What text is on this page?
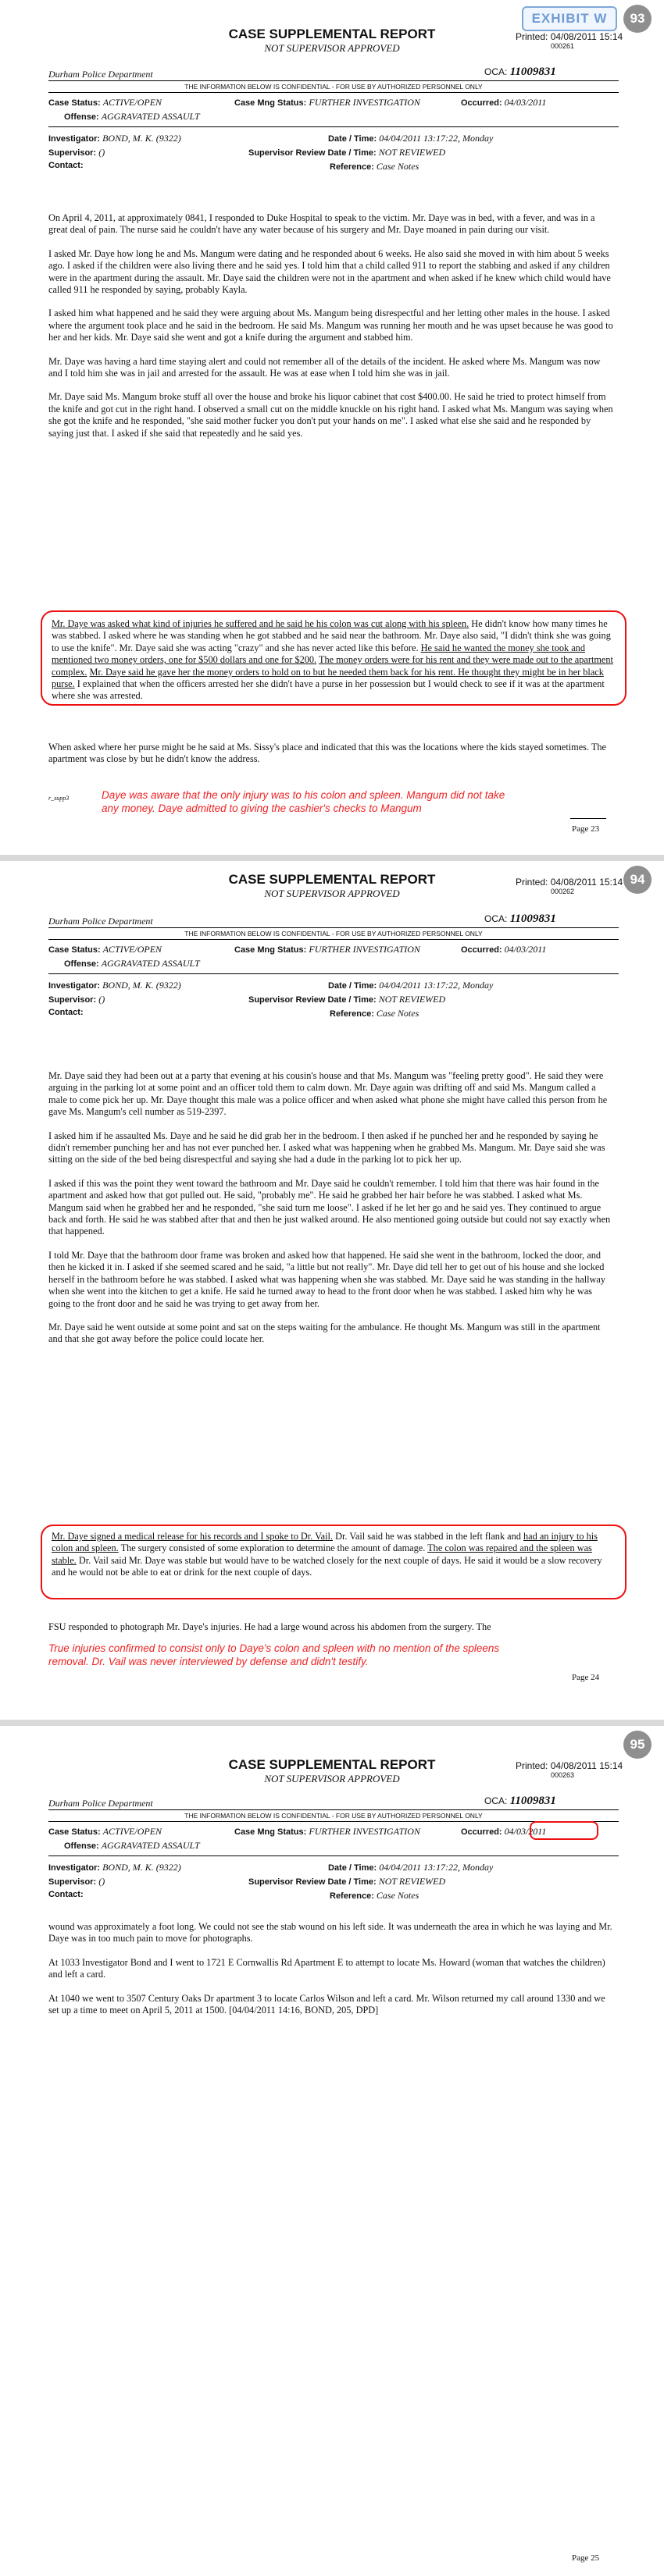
EXHIBIT W	93
Printed: 04/08/2011 15:14
000261
CASE SUPPLEMENTAL REPORT
NOT SUPERVISOR APPROVED
Durham Police Department	OCA: 11009831
THE INFORMATION BELOW IS CONFIDENTIAL - FOR USE BY AUTHORIZED PERSONNEL ONLY
Case Status: ACTIVE/OPEN
Offense: AGGRAVATED ASSAULT
Case Mng Status: FURTHER INVESTIGATION	Occurred: 04/03/2011
Investigator: BOND, M. K. (9322)
Supervisor: ()
Contact:
Date / Time: 04/04/2011 13:17:22, Monday
Supervisor Review Date / Time: NOT REVIEWED
Reference: Case Notes

On April 4, 2011, at approximately 0841, I responded to Duke Hospital to speak to the victim. Mr. Daye was in bed, with a fever, and was in a great deal of pain. The nurse said he couldn't have any water because of his surgery and Mr. Daye moaned in pain during our visit.

I asked Mr. Daye how long he and Ms. Mangum were dating and he responded about 6 weeks. He also said she moved in with him about 5 weeks ago. I asked if the children were also living there and he said yes. I told him that a child called 911 to report the stabbing and asked if any children were in the apartment during the assault. Mr. Daye said the children were not in the apartment and when asked if he knew which child would have called 911 he responded by saying, probably Kayla.

I asked him what happened and he said they were arguing about Ms. Mangum being disrespectful and her letting other males in the house. I asked where the argument took place and he said in the bedroom. He said Ms. Mangum was running her mouth and he was upset because he was good to her and her kids. Mr. Daye said she went and got a knife during the argument and stabbed him.

Mr. Daye was having a hard time staying alert and could not remember all of the details of the incident. He asked where Ms. Mangum was now and I told him she was in jail and arrested for the assault. He was at ease when I told him she was in jail.

Mr. Daye said Ms. Mangum broke stuff all over the house and broke his liquor cabinet that cost $400.00. He said he tried to protect himself from the knife and got cut in the right hand. I observed a small cut on the middle knuckle on his right hand. I asked what Ms. Mangum was saying when she got the knife and he responded, "she said mother fucker you don't put your hands on me". I asked what else she said and he responded by saying just that. I asked if she said that repeatedly and he said yes.

Mr. Daye was asked what kind of injuries he suffered and he said he his colon was cut along with his spleen. He didn't know how many times he was stabbed. I asked where he was standing when he got stabbed and he said near the bathroom. Mr. Daye also said, "I didn't think she was going to use the knife". Mr. Daye said she was acting "crazy" and she has never acted like this before. He said he wanted the money she took and mentioned two money orders, one for $500 dollars and one for $200. The money orders were for his rent and they were made out to the apartment complex. Mr. Daye said he gave her the money orders to hold on to but he needed them back for his rent. He thought they might be in her black purse. I explained that when the officers arrested her she didn't have a purse in her possession but I would check to see if it was at the apartment where she was arrested.

When asked where her purse might be he said at Ms. Sissy's place and indicated that this was the locations where the kids stayed sometimes. The apartment was close by but he didn't know the address.
Daye was aware that the only injury was to his colon and spleen. Mangum did not take any money. Daye admitted to giving the cashier's checks to Mangum
r_supp3
Page 23
94
Printed: 04/08/2011 15:14
000262
CASE SUPPLEMENTAL REPORT
NOT SUPERVISOR APPROVED
Durham Police Department	OCA: 11009831
THE INFORMATION BELOW IS CONFIDENTIAL - FOR USE BY AUTHORIZED PERSONNEL ONLY
Case Status: ACTIVE/OPEN
Offense: AGGRAVATED ASSAULT
Case Mng Status: FURTHER INVESTIGATION	Occurred: 04/03/2011
Investigator: BOND, M. K. (9322)
Supervisor: ()
Contact:
Date / Time: 04/04/2011 13:17:22, Monday
Supervisor Review Date / Time: NOT REVIEWED
Reference: Case Notes

Mr. Daye said they had been out at a party that evening at his cousin's house and that Ms. Mangum was "feeling pretty good". He said they were arguing in the parking lot at some point and an officer told them to calm down. Mr. Daye again was drifting off and said Ms. Mangum called a male to come pick her up. Mr. Daye thought this male was a police officer and when asked what phone she might have called this person from he gave Ms. Mangum's cell number as 519-2397.

I asked him if he assaulted Ms. Daye and he said he did grab her in the bedroom. I then asked if he punched her and he responded by saying he didn't remember punching her and has not ever punched her. I asked what was happening when he grabbed Ms. Mangum. Mr. Daye said she was sitting on the side of the bed being disrespectful and saying she had a dude in the parking lot to pick her up.

I asked if this was the point they went toward the bathroom and Mr. Daye said he couldn't remember. I told him that there was hair found in the apartment and asked how that got pulled out. He said, "probably me". He said he grabbed her hair before he was stabbed. I asked what Ms. Mangum said when he grabbed her and he responded, "she said turn me loose". I asked if he let her go and he said yes. They continued to argue back and forth. He said he was stabbed after that and then he just walked around. He also mentioned going outside but could not say exactly when that happened.

I told Mr. Daye that the bathroom door frame was broken and asked how that happened. He said she went in the bathroom, locked the door, and then he kicked it in. I asked if she seemed scared and he said, "a little but not really". Mr. Daye did tell her to get out of his house and she locked herself in the bathroom before he was stabbed. I asked what was happening when she was stabbed. Mr. Daye said he was standing in the hallway when she went into the kitchen to get a knife. He said he turned away to head to the front door when he was stabbed. I asked him why he was going to the front door and he said he was trying to get away from her.

Mr. Daye said he went outside at some point and sat on the steps waiting for the ambulance. He thought Ms. Mangum was still in the apartment and that she got away before the police could locate her.

Mr. Daye signed a medical release for his records and I spoke to Dr. Vail. Dr. Vail said he was stabbed in the left flank and had an injury to his colon and spleen. The surgery consisted of some exploration to determine the amount of damage. The colon was repaired and the spleen was stable. Dr. Vail said Mr. Daye was stable but would have to be watched closely for the next couple of days. He said it would be a slow recovery and he would not be able to eat or drink for the next couple of days.

FSU responded to photograph Mr. Daye's injuries. He had a large wound across his abdomen from the surgery. The
True injuries confirmed to consist only to Daye's colon and spleen with no mention of the spleens removal. Dr. Vail was never interviewed by defense and didn't testify.
Page 24
95
Printed: 04/08/2011 15:14
000263
CASE SUPPLEMENTAL REPORT
NOT SUPERVISOR APPROVED
Durham Police Department	OCA: 11009831
THE INFORMATION BELOW IS CONFIDENTIAL - FOR USE BY AUTHORIZED PERSONNEL ONLY
Case Status: ACTIVE/OPEN
Offense: AGGRAVATED ASSAULT
Case Mng Status: FURTHER INVESTIGATION	Occurred: 04/03/2011
Investigator: BOND, M. K. (9322)
Supervisor: ()
Contact:
Date / Time: 04/04/2011 13:17:22, Monday
Supervisor Review Date / Time: NOT REVIEWED
Reference: Case Notes

wound was approximately a foot long. We could not see the stab wound on his left side. It was underneath the area in which he was laying and Mr. Daye was in too much pain to move for photographs.

At 1033 Investigator Bond and I went to 1721 E Cornwallis Rd Apartment E to attempt to locate Ms. Howard (woman that watches the children) and left a card.

At 1040 we went to 3507 Century Oaks Dr apartment 3 to locate Carlos Wilson and left a card. Mr. Wilson returned my call around 1330 and we set up a time to meet on April 5, 2011 at 1500. [04/04/2011 14:16, BOND, 205, DPD]

Page 25
